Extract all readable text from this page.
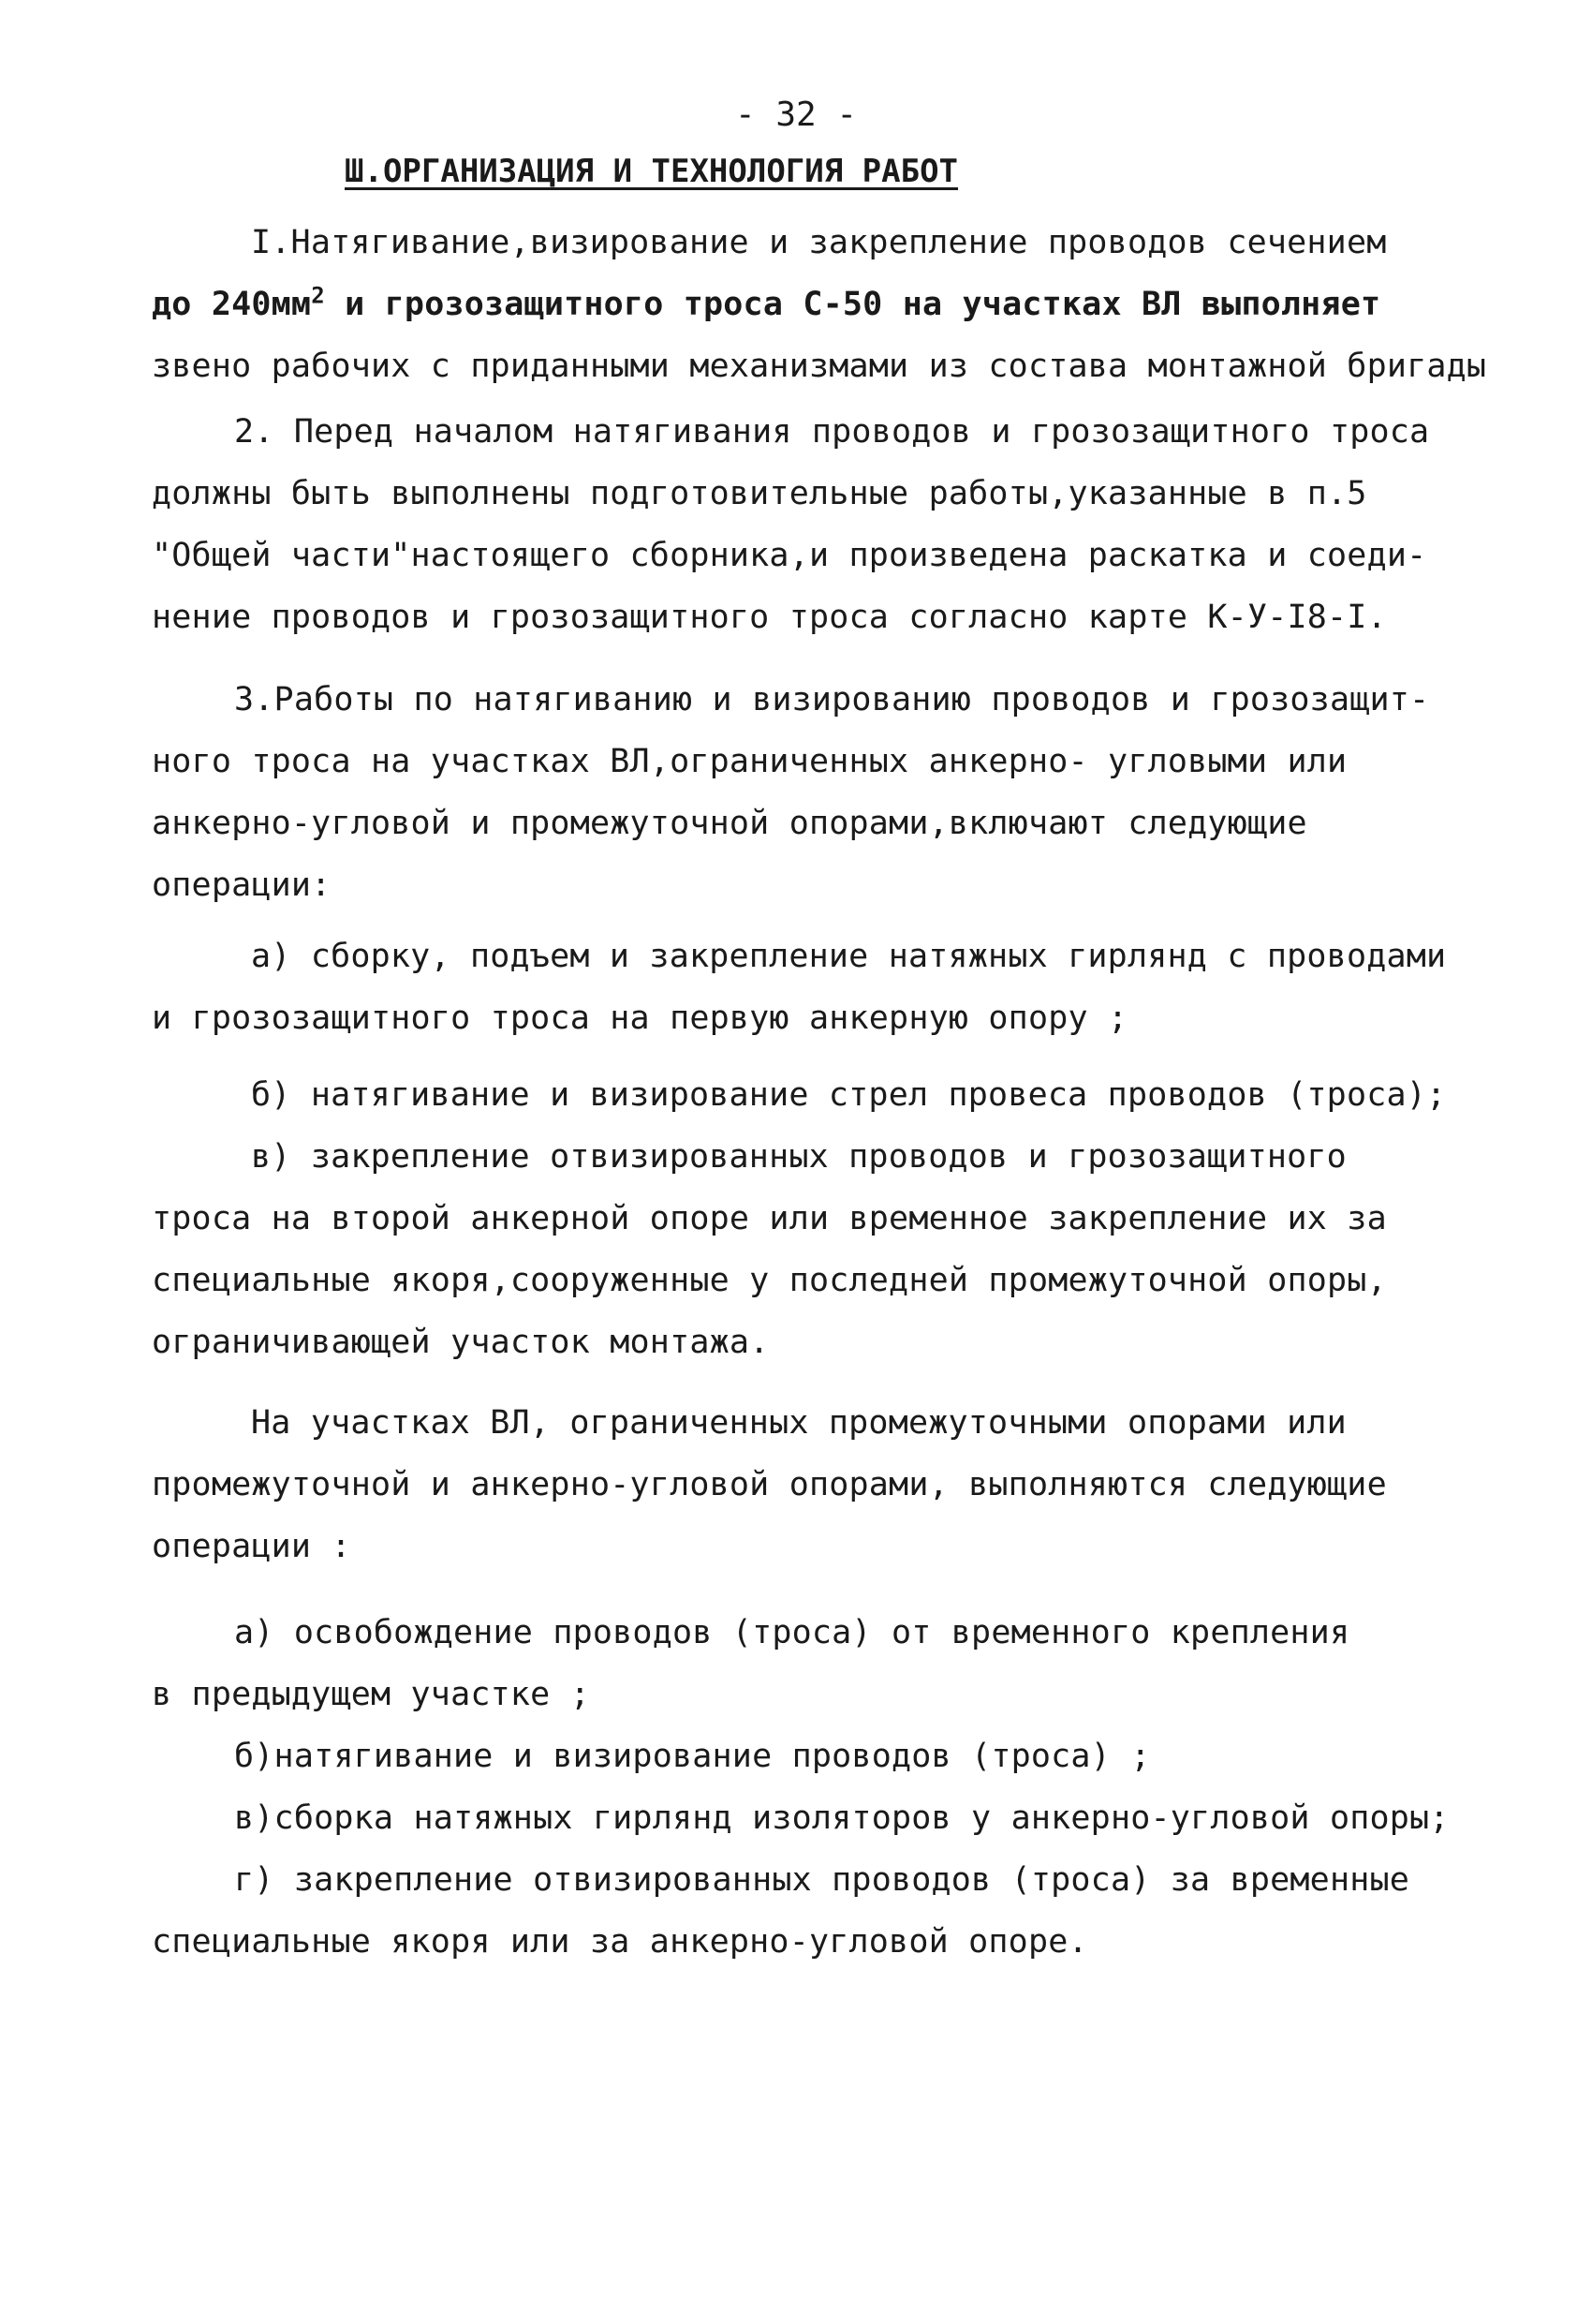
- 32 -
Ш.ОРГАНИЗАЦИЯ И ТЕХНОЛОГИЯ РАБОТ
I.Натягивание,визирование и закрепление проводов сечением
до $240мм^2$ и грозозащитного троса С-50 на участках ВЛ выполняет
звено рабочих с приданными механизмами из состава монтажной бригады
2. Перед началом натягивания проводов и грозозащитного троса
должны быть выполнены подготовительные работы,указанные в п.5
"Общей части"настоящего сборника,и произведена раскатка и соеди-
нение проводов и грозозащитного троса согласно карте К-У-I8-I.
3.Работы по натягиванию и визированию проводов и грозозащит-
ного троса на участках ВЛ,ограниченных анкерно- угловыми или
анкерно-угловой и промежуточной опорами,включают следующие
операции:
а) сборку, подъем и закрепление натяжных гирлянд с проводами
и грозозащитного троса на первую анкерную опору ;
б) натягивание и визирование стрел провеса проводов (троса);
в) закрепление отвизированных проводов и грозозащитного
троса на второй анкерной опоре или временное закрепление их за
специальные якоря,сооруженные у последней промежуточной опоры,
ограничивающей участок монтажа.
На участках ВЛ, ограниченных промежуточными опорами или
промежуточной и анкерно-угловой опорами, выполняются следующие
операции :
а) освобождение проводов (троса) от временного крепления
в предыдущем участке ;
б)натягивание и визирование проводов (троса) ;
в)сборка натяжных гирлянд изоляторов у анкерно-угловой опоры;
г) закрепление отвизированных проводов (троса) за временные
специальные якоря или за анкерно-угловой опоре.
